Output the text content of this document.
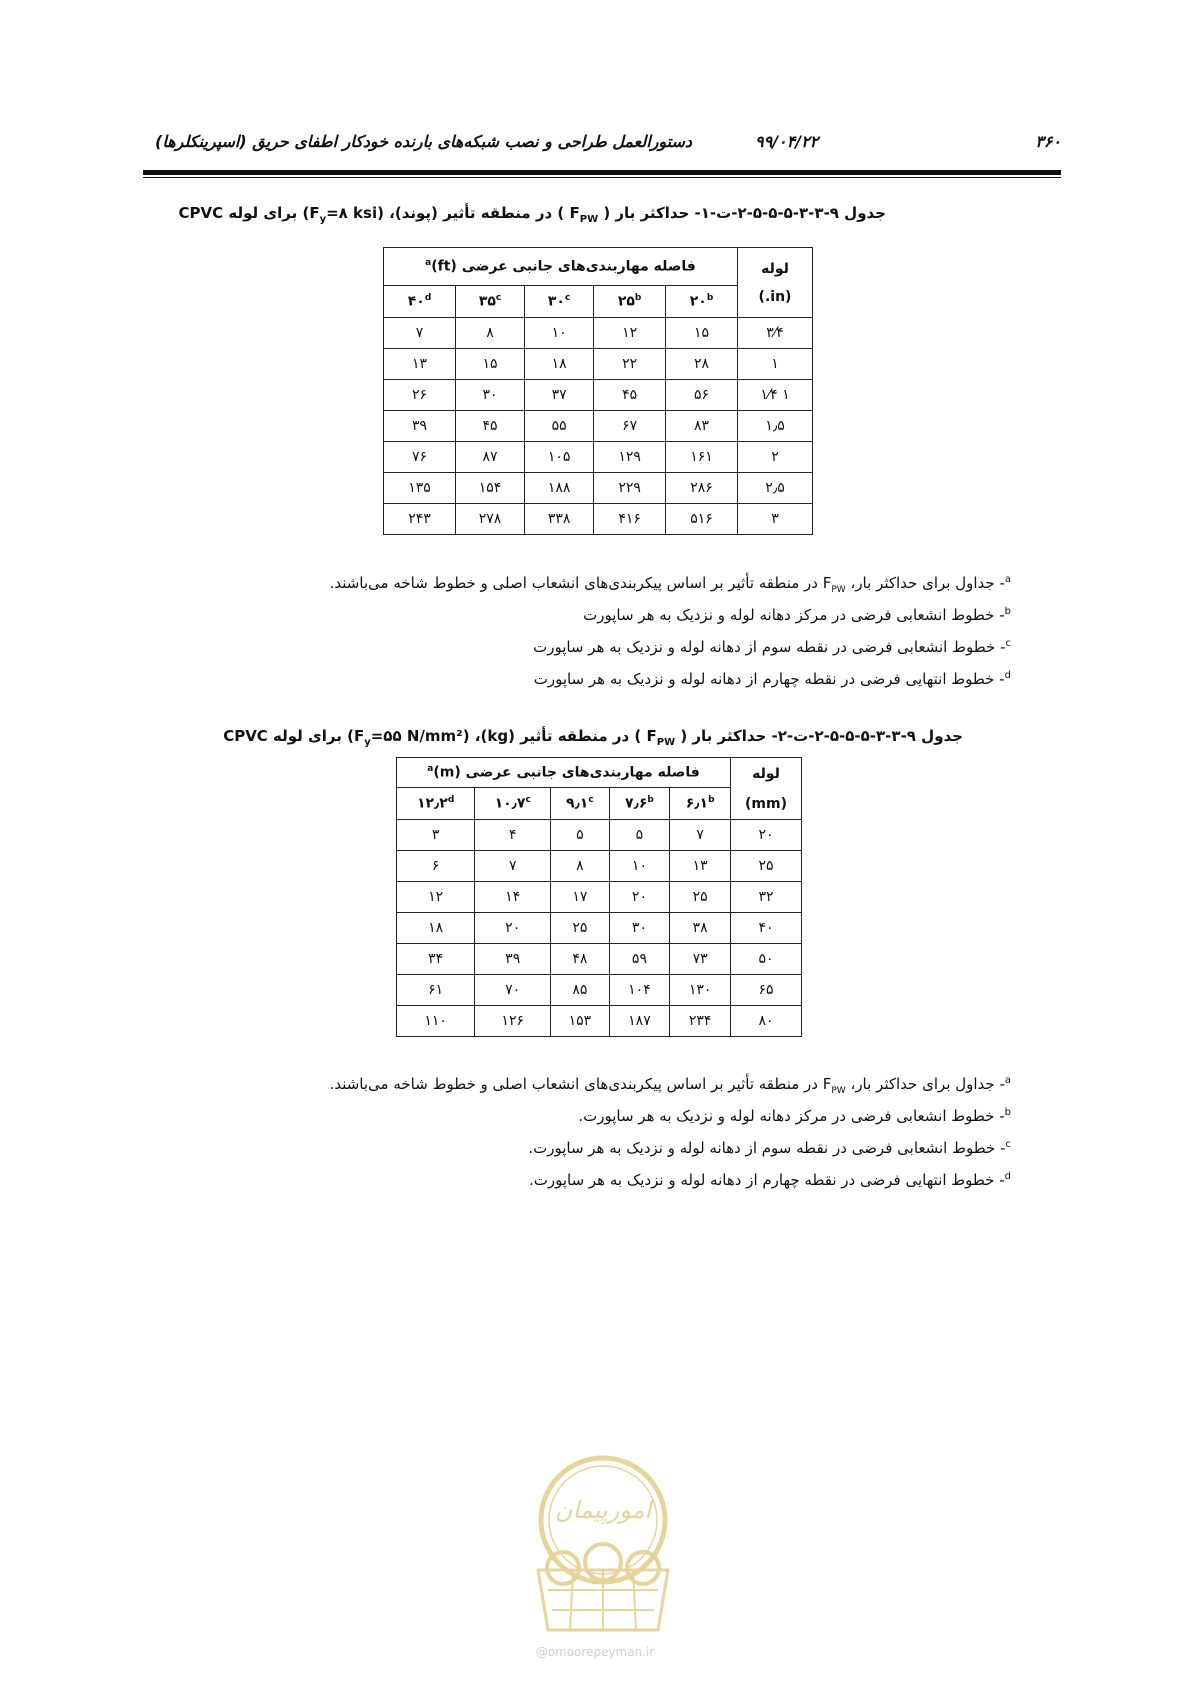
۳۶۰
۹۹/۰۴/۲۲
دستورالعمل طراحی و نصب شبکه‌های بارنده خودکار اطفای حریق (اسپرینکلرها)
جدول ۹-۳-۳-۵-۵-۵-۲-ت-۱- حداکثر بار ( $F_{PW}$ ) در منطقه تأثیر (پوند)، ($F_y=۸$ ksi) برای لوله CPVC
لوله
(in.)	فاصله مهاربندی‌های جانبی عرضی (ft)$^a$
	۲۰$^b$	۲۵$^b$	۳۰$^c$	۳۵$^c$	۴۰$^d$
۳⁄۴	۱۵	۱۲	۱۰	۸	۷
۱	۲۸	۲۲	۱۸	۱۵	۱۳
۱ ۱⁄۴	۵۶	۴۵	۳۷	۳۰	۲۶
۱٫۵	۸۳	۶۷	۵۵	۴۵	۳۹
۲	۱۶۱	۱۲۹	۱۰۵	۸۷	۷۶
۲٫۵	۲۸۶	۲۲۹	۱۸۸	۱۵۴	۱۳۵
۳	۵۱۶	۴۱۶	۳۳۸	۲۷۸	۲۴۳
$^a$- جداول برای حداکثر بار، $F_{PW}$ در منطقه تأثیر بر اساس پیکربندی‌های انشعاب اصلی و خطوط شاخه می‌باشند.
$^b$- خطوط انشعابی فرضی در مرکز دهانه لوله و نزدیک به هر ساپورت
$^c$- خطوط انشعابی فرضی در نقطه سوم از دهانه لوله و نزدیک به هر ساپورت
$^d$- خطوط انتهایی فرضی در نقطه چهارم از دهانه لوله و نزدیک به هر ساپورت
جدول ۹-۳-۳-۵-۵-۵-۲-ت-۲- حداکثر بار ( $F_{PW}$ ) در منطقه تأثیر (kg)، ($F_y=۵۵$ N/mm²) برای لوله CPVC
لوله
(mm)	فاصله مهاربندی‌های جانبی عرضی $(m)^a$
	۶٫۱$^b$	۷٫۶$^b$	۹٫۱$^c$	۱۰٫۷$^c$	۱۲٫۲$^d$
۲۰	۷	۵	۵	۴	۳
۲۵	۱۳	۱۰	۸	۷	۶
۳۲	۲۵	۲۰	۱۷	۱۴	۱۲
۴۰	۳۸	۳۰	۲۵	۲۰	۱۸
۵۰	۷۳	۵۹	۴۸	۳۹	۳۴
۶۵	۱۳۰	۱۰۴	۸۵	۷۰	۶۱
۸۰	۲۳۴	۱۸۷	۱۵۳	۱۲۶	۱۱۰
$^a$- جداول برای حداکثر بار، $F_{PW}$ در منطقه تأثیر بر اساس پیکربندی‌های انشعاب اصلی و خطوط شاخه می‌باشند.
$^b$- خطوط انشعابی فرضی در مرکز دهانه لوله و نزدیک به هر ساپورت.
$^c$- خطوط انشعابی فرضی در نقطه سوم از دهانه لوله و نزدیک به هر ساپورت.
$^d$- خطوط انتهایی فرضی در نقطه چهارم از دهانه لوله و نزدیک به هر ساپورت.
امورپیمان
@omoorepeyman.ir
